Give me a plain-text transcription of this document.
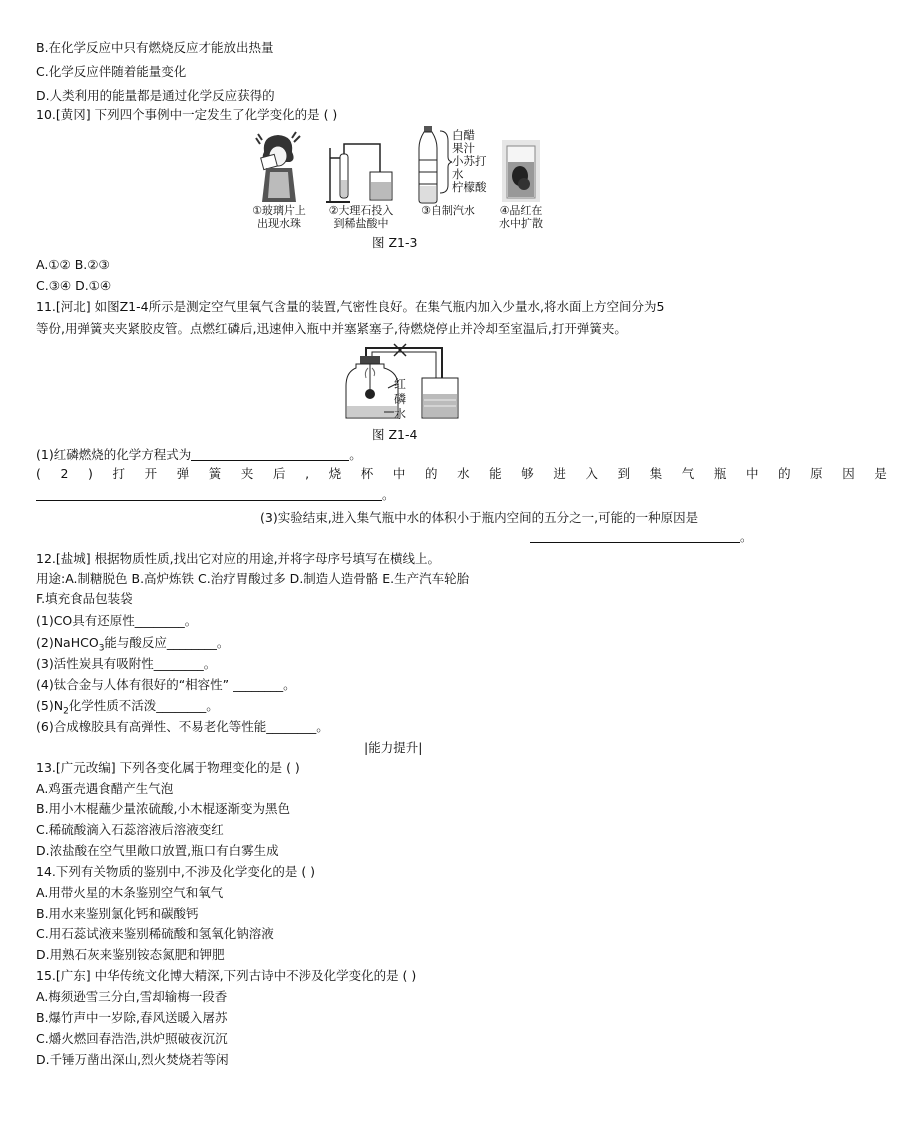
B.在化学反应中只有燃烧反应才能放出热量
C.化学反应伴随着能量变化
D.人类利用的能量都是通过化学反应获得的
10.[黄冈] 下列四个事例中一定发生了化学变化的是 ( )
白醋
果汁
小苏打
水
柠檬酸
①玻璃片上
出现水珠
②大理石投入
到稀盐酸中
③自制汽水	④品红在
水中扩散
图 Z1-3
A.①② B.②③
C.③④ D.①④
11.[河北] 如图Z1-4所示是测定空气里氧气含量的装置,气密性良好。在集气瓶内加入少量水,将水面上方空间分为5
等份,用弹簧夹夹紧胶皮管。点燃红磷后,迅速伸入瓶中并塞紧塞子,待燃烧停止并冷却至室温后,打开弹簧夹。
红
磷
水
图 Z1-4
(1)红磷燃烧的化学方程式为	。
(2)打开弹簧夹后,烧杯中的水能够进入到集气瓶中的原因是
。
(3)实验结束,进入集气瓶中水的体积小于瓶内空间的五分之一,可能的一种原因是
。
12.[盐城] 根据物质性质,找出它对应的用途,并将字母序号填写在横线上。
用途:A.制糖脱色 B.高炉炼铁 C.治疗胃酸过多 D.制造人造骨骼 E.生产汽车轮胎
F.填充食品包装袋
(1)CO具有还原性________。
(2)NaHCO$_3$能与酸反应________。
(3)活性炭具有吸附性________。
(4)钛合金与人体有很好的“相容性” ________。
$(5)N_2$化学性质不活泼________。
(6)合成橡胶具有高弹性、不易老化等性能________。
|能力提升|
13.[广元改编] 下列各变化属于物理变化的是 ( )
A.鸡蛋壳遇食醋产生气泡
B.用小木棍蘸少量浓硫酸,小木棍逐渐变为黑色
C.稀硫酸滴入石蕊溶液后溶液变红
D.浓盐酸在空气里敞口放置,瓶口有白雾生成
14.下列有关物质的鉴别中,不涉及化学变化的是 ( )
A.用带火星的木条鉴别空气和氧气
B.用水来鉴别氯化钙和碳酸钙
C.用石蕊试液来鉴别稀硫酸和氢氧化钠溶液
D.用熟石灰来鉴别铵态氮肥和钾肥
15.[广东] 中华传统文化博大精深,下列古诗中不涉及化学变化的是 ( )
A.梅须逊雪三分白,雪却输梅一段香
B.爆竹声中一岁除,春风送暖入屠苏
C.爝火燃回春浩浩,洪炉照破夜沉沉
D.千锤万凿出深山,烈火焚烧若等闲
